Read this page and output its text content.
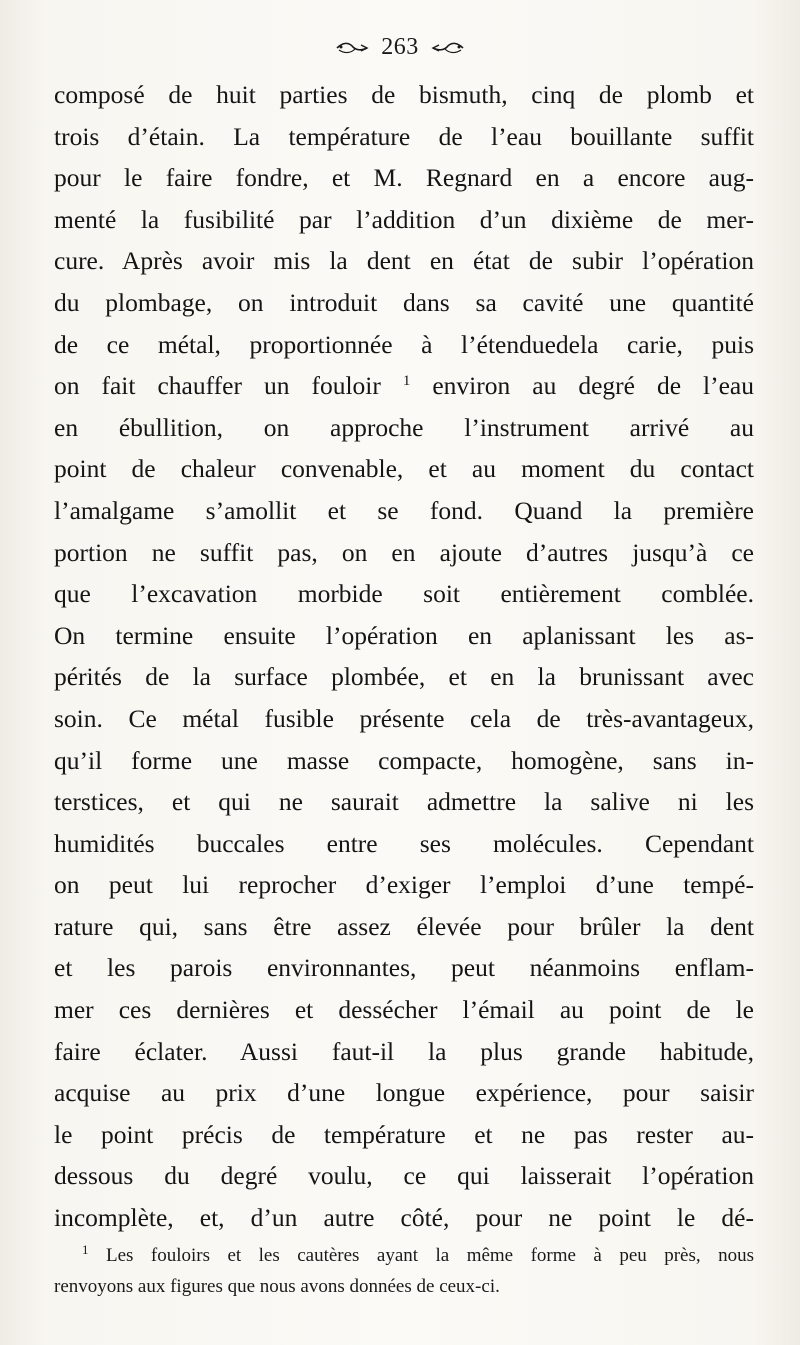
263
composé de huit parties de bismuth, cinq de plomb et
trois d’étain. La température de l’eau bouillante suffit
pour le faire fondre, et M. Regnard en a encore aug-
menté la fusibilité par l’addition d’un dixième de mer-
cure. Après avoir mis la dent en état de subir l’opération
du plombage, on introduit dans sa cavité une quantité
de ce métal, proportionnée à l’étenduedela carie, puis
on fait chauffer un fouloir $^1$ environ au degré de l’eau
en ébullition, on approche l’instrument arrivé au
point de chaleur convenable, et au moment du contact
l’amalgame s’amollit et se fond. Quand la première
portion ne suffit pas, on en ajoute d’autres jusqu’à ce
que l’excavation morbide soit entièrement comblée.
On termine ensuite l’opération en aplanissant les as-
pérités de la surface plombée, et en la brunissant avec
soin. Ce métal fusible présente cela de très-avantageux,
qu’il forme une masse compacte, homogène, sans in-
terstices, et qui ne saurait admettre la salive ni les
humidités buccales entre ses molécules. Cependant
on peut lui reprocher d’exiger l’emploi d’une tempé-
rature qui, sans être assez élevée pour brûler la dent
et les parois environnantes, peut néanmoins enflam-
mer ces dernières et dessécher l’émail au point de le
faire éclater. Aussi faut-il la plus grande habitude,
acquise au prix d’une longue expérience, pour saisir
le point précis de température et ne pas rester au-
dessous du degré voulu, ce qui laisserait l’opération
incomplète, et, d’un autre côté, pour ne point le dé-
$^1$ Les fouloirs et les cautères ayant la même forme à peu près, nous
renvoyons aux figures que nous avons données de ceux-ci.
